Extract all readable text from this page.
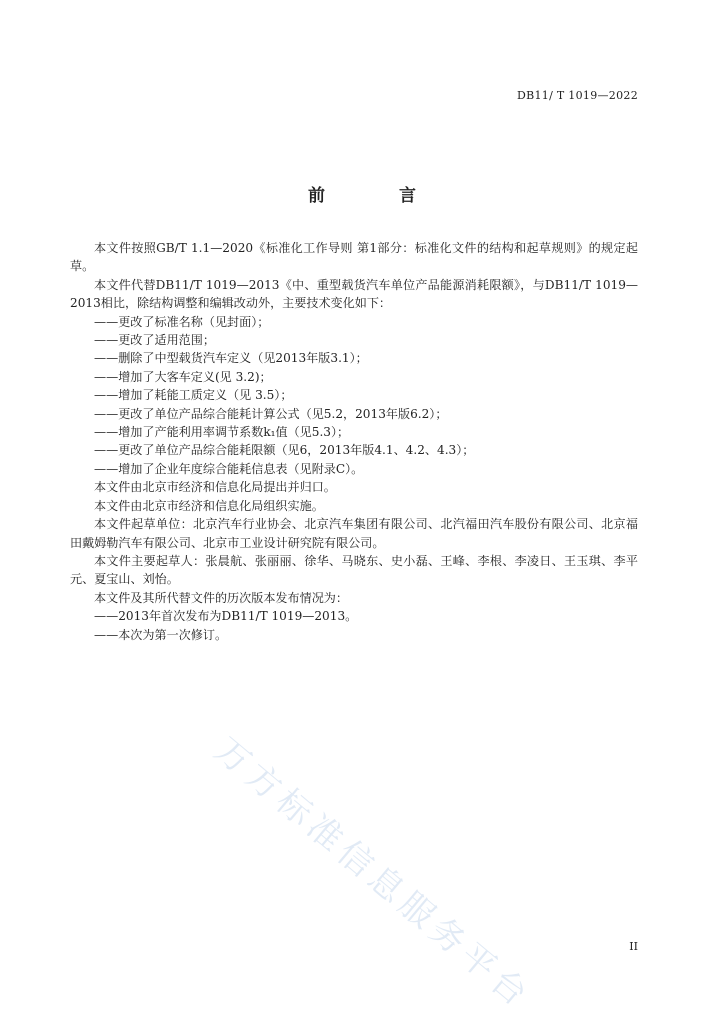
DB11/ T 1019—2022
前 言

本文件按照GB/T 1.1—2020《标准化工作导则 第1部分：标准化文件的结构和起草规则》的规定起草。

本文件代替DB11/T 1019—2013《中、重型载货汽车单位产品能源消耗限额》，与DB11/T 1019—2013相比，除结构调整和编辑改动外，主要技术变化如下：

——更改了标准名称（见封面）；

——更改了适用范围；

——删除了中型载货汽车定义（见2013年版3.1）；

——增加了大客车定义(见 3.2)；

——增加了耗能工质定义（见 3.5）；

——更改了单位产品综合能耗计算公式（见5.2，2013年版6.2）；

——增加了产能利用率调节系数k₁值（见5.3）；

——更改了单位产品综合能耗限额（见6，2013年版4.1、4.2、4.3）；

——增加了企业年度综合能耗信息表（见附录C）。

本文件由北京市经济和信息化局提出并归口。

本文件由北京市经济和信息化局组织实施。

本文件起草单位：北京汽车行业协会、北京汽车集团有限公司、北汽福田汽车股份有限公司、北京福田戴姆勒汽车有限公司、北京市工业设计研究院有限公司。

本文件主要起草人：张晨航、张丽丽、徐华、马晓东、史小磊、王峰、李根、李凌日、王玉琪、李平元、夏宝山、刘怡。

本文件及其所代替文件的历次版本发布情况为：

——2013年首次发布为DB11/T 1019—2013。

——本次为第一次修订。

万方标准信息服务平台	II
